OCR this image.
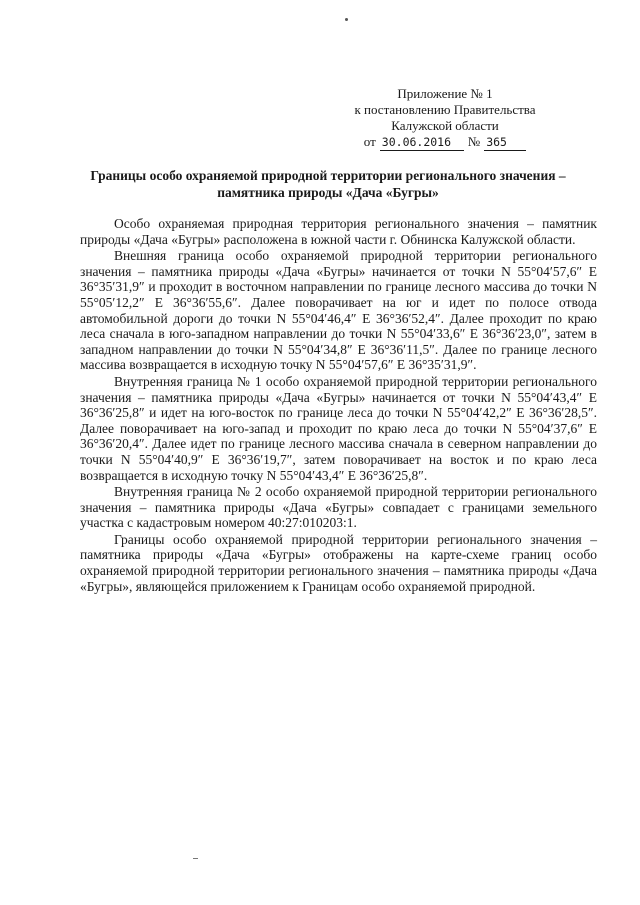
Приложение № 1
к постановлению Правительства
Калужской области
от 30.06.2016	№ 365
Границы особо охраняемой природной территории регионального значения –
памятника природы «Дача «Бугры»

Особо охраняемая природная территория регионального значения – памятник природы «Дача «Бугры» расположена в южной части г. Обнинска Калужской области.

Внешняя граница особо охраняемой природной территории регионального значения – памятника природы «Дача «Бугры» начинается от точки N 55°04′57,6″ E 36°35′31,9″ и проходит в восточном направлении по границе лесного массива до точки N 55°05′12,2″ E 36°36′55,6″. Далее поворачивает на юг и идет по полосе отвода автомобильной дороги до точки N 55°04′46,4″ E 36°36′52,4″. Далее проходит по краю леса сначала в юго-западном направлении до точки N 55°04′33,6″ E 36°36′23,0″, затем в западном направлении до точки N 55°04′34,8″ E 36°36′11,5″. Далее по границе лесного массива возвращается в исходную точку N 55°04′57,6″ E 36°35′31,9″.

Внутренняя граница № 1 особо охраняемой природной территории регионального значения – памятника природы «Дача «Бугры» начинается от точки N 55°04′43,4″ E 36°36′25,8″ и идет на юго-восток по границе леса до точки N 55°04′42,2″ E 36°36′28,5″. Далее поворачивает на юго-запад и проходит по краю леса до точки N 55°04′37,6″ E 36°36′20,4″. Далее идет по границе лесного массива сначала в северном направлении до точки N 55°04′40,9″ E 36°36′19,7″, затем поворачивает на восток и по краю леса возвращается в исходную точку N 55°04′43,4″ E 36°36′25,8″.

Внутренняя граница № 2 особо охраняемой природной территории регионального значения – памятника природы «Дача «Бугры» совпадает с границами земельного участка с кадастровым номером 40:27:010203:1.

Границы особо охраняемой природной территории регионального значения – памятника природы «Дача «Бугры» отображены на карте-схеме границ особо охраняемой природной территории регионального значения – памятника природы «Дача «Бугры», являющейся приложением к Границам особо охраняемой природной.
